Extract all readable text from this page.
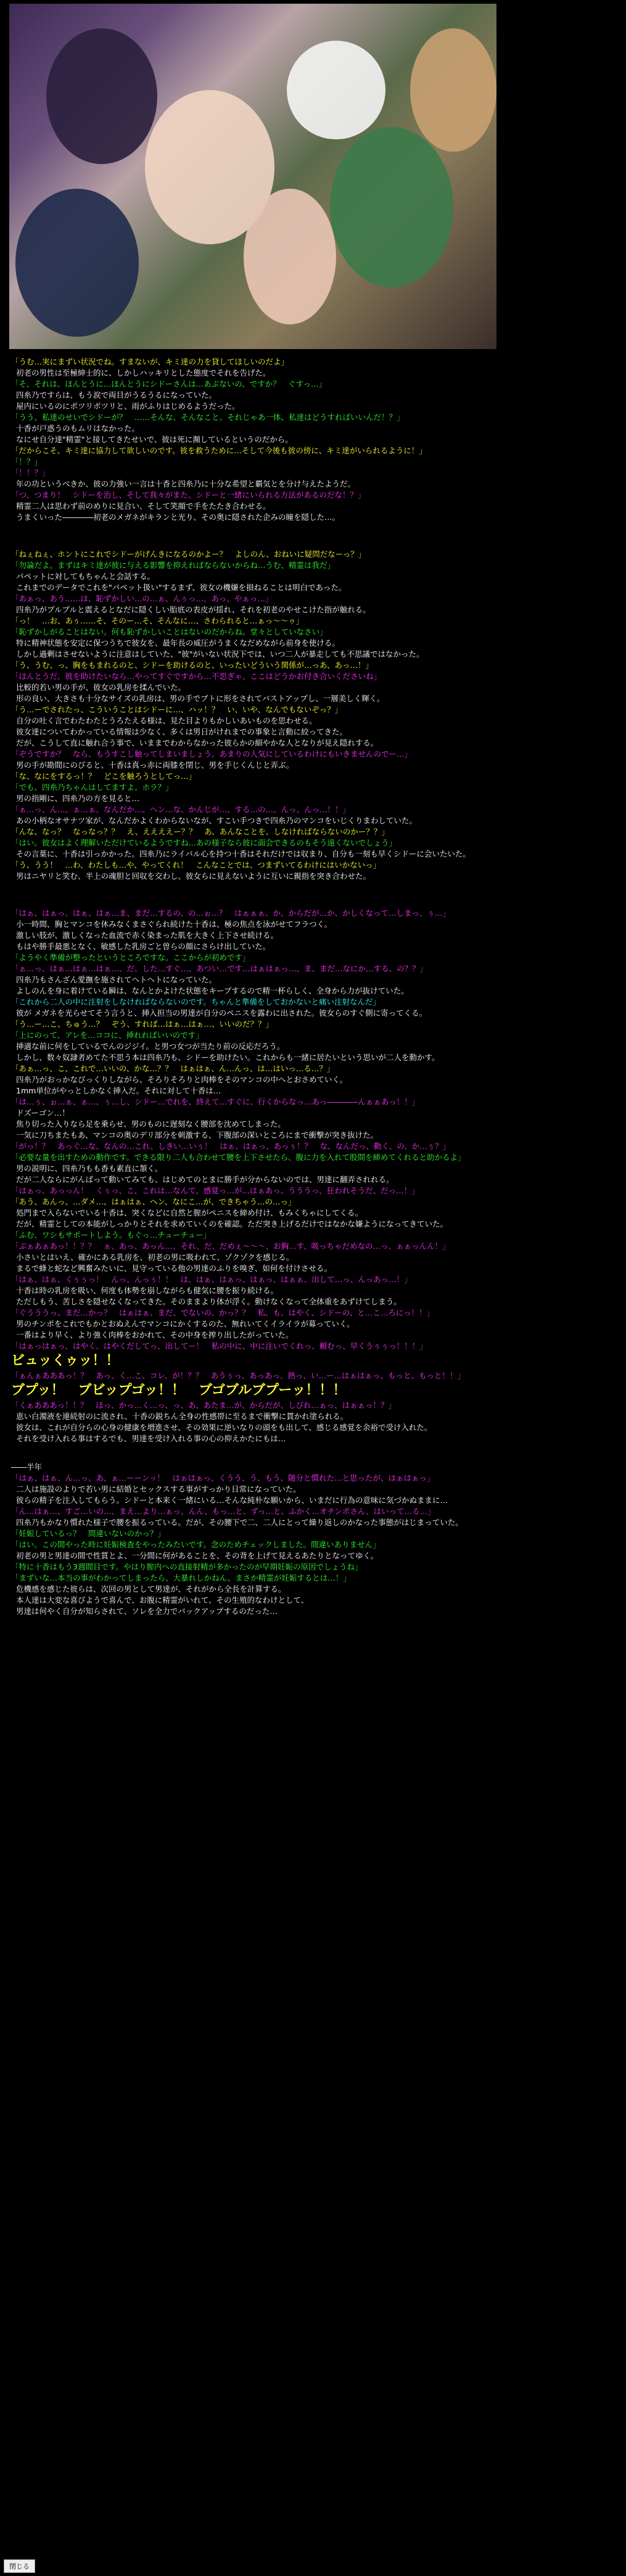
「うむ…実にまずい状況でね。すまないが、キミ達の力を貸してほしいのだよ」
初老の男性は至極紳士的に、しかしハッキリとした態度でそれを告げた。
「そ、それは、ほんとうに…ほんとうにシドーさんは…あぶないの、ですか？　ぐすっ…」
四糸乃ですらは、もう涙で両目がうるうるになっていた。
屋内にいるのにポツリポツリと、雨がふりはじめるようだった。
「うう、私達のせいでシドーが？　……そんな、そんなこと。それじゃあ一体、私達はどうすればいいんだ！？」
十香が戸惑うのもムリはなかった。
なにせ自分達"精霊"と接してきたせいで、彼は死に瀕しているというのだから。
「だからこそ、キミ達に協力して欲しいのです。彼を救うために…そして今後も彼の傍に、キミ達がいられるように！」
「！？」
「！！？」
年の功というべきか、彼の力強い一言は十香と四糸乃に十分な希望と覇気とを分け与えたようだ。
「つ、つまり！　シドーを治し、そして我々がまた、シドーと一緒にいられる方法があるのだな！？」
精霊二人は思わず前のめりに見合い、そして笑顔で手をたたき合わせる。
うまくいった――――初老のメガネがキランと光り、その奥に隠された企みの瞳を隠した…。
「ねぇねぇ、ホントにこれでシドーがげんきになるのかよー？　よしのん、おねいに疑問だなーっ？」
「勿論だよ。まずはキミ達が彼に与える影響を抑えればならないからね…うむ、精霊は我だ」
パペットに対してもちゃんと会話する。
これまでのデータでこれを"パペット扱い"するまず、彼女の機嫌を損ねることは明白であった。
「あぁっ、あう……は、恥ずかしい…の…ぁ、んぅっ…。あっ、やぁっ…」
四糸乃がプルプルと震えるとなだに隠くしい胎底の表皮が揺れ、それを初老のやせこけた指が触れる。
「っ！　…お、あぅ……そ、そのー…そ、そんなに…、さわられると…ぁっ～～ゥ」
「恥ずかしがることはない。何も恥ずかしいことはないのだからね。堂々としていなさい」
特に精神状態を安定に保つうちで彼女を、最年長の威圧がうまくなだめながら前身を使ける。
しかし過剰はさせないように注意はしていた、"彼"がいない状況下では、いつ二人が暴走しても不思議ではなかった。
「う、うむ、っ、胸をもまれるのと、シドーを助けるのと、いったいどういう関係が…っあ、あっ…！」
「ほんとうだ。彼を助けたいなら…やってすぐですから…不思ぎゃ、ここはどうかお付き合いくださいね」
比較的若い男の手が、彼女の乳房を揉んでいた。
形の良い、大きさも十分なサイズの乳房は、男の手でブトに形をされてバストアップし、一層美しく輝く。
「う…ーでされたっ、こういうことはシドーに…、ハッ！？　い、いや、なんでもないぞっ？」
自分の吐く言でわたわたとうろたえる様は、見た目よりもかしいあいものを思わせる。
彼女達についてわかっている情報は少なく、多くは男日がけれまでの事象と言動に絞ってきた。
だが、こうして直に触れ合う事で、いままでわからなかった彼らかの細やかな人となりが見え隠れする。
「ぞうですか？　なら、もうすこし触ってしまいましょう。あまりの人気にしているわけにもいきませんのでー…」
男の手が勘間にのびると、十香は真っ赤に両膝を閉じ、男を手じくんじと弄ぶ。
「な、なにをするっ！？　どこを触ろうとしてっ…」
「でも、四糸乃ちゃんはしてますよ。ホラ？」
男の指剛に、四糸乃の方を見ると…
「ぁ…っ、ん…、ぁ…ぁ、なんだか…、へン…な、かんじが…、する…の…、んっ、んっ…！！」
あの小柄なオサナツ家が、なんだかよくわからないなが、すこい手つきで四糸乃のマンコをいじくりまわしていた。
「んな、なっ？　なっなっ？？　え、ええええー？？　あ、あんなことを、しなければならないのかー？？」
「はい。彼女はよく理解いただけているようですね…あの様子なら彼に面会できるのもそう遠くないでしょう」
その言葉に、十香は引っかかった。四糸乃にライバル心を持つ十香はそれだけでは収まり、自分も一刻も早くシドーに会いたいた。
「う、うう！　…わ、わたしも…や、やってくれ！　こんなことでは、つまずいてるわけにはいかないっ」
男はニヤリと笑む、半上の魂胆と回収を交わし、彼女らに見えないように互いに親指を突き合わせた。
「はぁ、はぁっ、はぁ、はぁ…ま、まだ…するの、の…ぉ…？　はぁぁぁ、か、からだが…か、かしくなって…しまっ、ぅ…」
小一時間、胸とマンコを休みなくまさぐられ続けた十香は、極の焦点を泳がせてフラつく。
激しい肢が、激しくなった血流で赤く染まった肌を大きく上下させ続ける。
もはや勝手最悪となく、敏感した乳房ごと曽らの顔にさらけ出していた。
「ようやく準備が整ったというところですな。ここからが初めです」
「ぁ…っ、はぁ…はぁ…はぁ…、だ、した…すぐ…、あつい…です…はぁはぁっ…、ま、まだ…なにか…する、の？？」
四糸乃もさんざん愛撫を施されてヘトヘトになっていた。
よしのんを身に着けている瞬は、なんとかよけた状態をキープするので精一杯らしく、全身から力が抜けていた。
「これから二人の中に注射をしなければならないのです。ちゃんと準備をしておかないと痛い注射なんだ」
彼が メガネを光らせてそう言うと、挿入担当の男達が自分のペニスを露わに出された。彼女らのすぐ側に寄ってくる。
「う…ー…こ、ちゅう…？　ぞう、すれば…はぁ…はぁ…、いいのだ？？」
「上にのって、アレを…ココに、挿れればいいのです」
挿適な前に何をしているでんのジジイ。と男つ女つが当たり前の反応だろう。
しかし、数々奴隷者めてた不思う本は四糸乃も、シドーを助けたい。これからも一緒に居たいという思いが二人を動かす。
「あぁ…っ、こ、これで…いいの、かな…？？　はぁはぁ、ん…んっ、は…はいっ…る…？」
四糸乃がおっかなびっくりしながら、そろりそろりと肉棒をそのマンコの中へとおさめていく。
1mm単位がやっとしかなく挿入だ。それに対して十香は…
「は…ぅ、ぉ…ぁ、ぁ…、ぅ…し、シドー…でれを、終えて…すぐに、行くからなっ…あっ――――んぁぁあっ！！」
ドズーゴン…！
焦り切った入りなら足を乗らせ、男のものに遅刻なく腰部を沈めてしまった。
一気に刀ちまたもあ、マンコの奥のデリ部分を刺激する、下腹部の深いところにまで衝撃が突き抜けた。
「がっ！？　あっぐ…な、なんの…これ、しきい…いぅ！　はぁ、はぁっ、あっぅ！？　な、なんだっ、動く、の、か…ぅ？」
「必要な量を出すための動作です。できる限り二人も合わせて腰を上下させたら、腹に力を入れて股間を締めてくれると助かるよ」
男の説明に、四糸乃もも香も素直に頷く。
だが二人ならにがんばって動いてみても、はじめてのとまに勝手が分からないのでは、男達に翻弄されれる。
「はぁっ、あっっん！　くぅっ、こ、これは…なんて、感覚っ…が…はぁあっ、うううっ、狂われそうだ、だっ…！」
「あう、あんっ、…ダメ…、はぁはぁ、へン、なにこ…が、できちゃう…の…っ」
処門まで入らないでいる十香は、突くなどに自然と膣がペニスを締め付け、もみくちゃにしてくる。
だが、精霊としての本能がしっかりとそれを求めていくのを確認。ただ突き上げるだけではなかな嫌ようになってきていた。
「ふむ、ワシもサポートしよう。もぐっ…チューチュー」
「ぶぁあぁあっ！！？？　ぁ、あっ、あっん…、それ、だ、だめぇ～～～、お胸…す、吸っちゃだめなの…っ、ぁぁっんん！」
小さいとはいえ、確かにある乳房を、初老の男に吸われて、ゾクゾクを感じる。
まるで蜂と蛇など興奮みたいに、見守っている他の男達のふりを嗅ぎ、如何を付けさせる。
「はぁ、はぁ、くぅぅっ！　んっ、んっぅ！！　は、はぁ、はぁっ、はぁっ、はぁぁ、出して…っ、んっあっ…！」
十香は時の乳房を吸い、何度も体勢を崩しながらも健気に腰を振り続ける。
ただしもう、苦しさを隠せなくなってきた。そのままより体が浮く。動けなくなって全体重をあずけてしまう。
「ぐうううっ、まだ…かっ？　はぁはぁ、まだ、でないの、かっ？？　私、も、はやく、シドーの、と…こ…ろにっ！！」
男のチンポをこれでもかとおぬえんでマンコにかくするのた、無れいてくイライラが募っていく。
一番はより早く、より強く肉棒をおかれて、その中身を搾り出したがっていた。
「はぁっはぁっ、はやく、はやくだしてっ、出してー！　私の中に、中に注いでくれっ、頼むっ、早くうぅぅっ！！！」
ビュッくゥッ！！
「ぁんぁあああっ！？　あっ、く…こ、コレ、が！？？　あうぅっ、あっあっ、熱っ、い…ー…はぁはぁっ、もっと、もっと！！」
ブプッ！　ブビップゴッ！！　ブゴブルブプーッ！！！
「くぁあああっ！！？　ほっ、かっ…く…っ、っ、あ、あたま…が、からだが、しびれ…ぁっ、はぁぁっ！？」
恵い白濁液を連続射のに流され、十香の鋭ちん全身の性感帯に至るまで衝撃に貫かれ塗られる。
彼女は、これが自分らの心身の健康を増進させ、その効果に逆いなりの頭をも出して、感じる感覚を余裕で受け入れた。
それを受け入れる事はするでも、男達を受け入れる事の心の抑えかたにもは…
――半年
「はぁ、はぁ、ん…っ、あ、ぁ…ーーンッ！　はぁはぁっ、くうう、う、もう、随分と慣れた…と思ったが、はぁはぁっ」
二人は施設のよりで若い男に結婚とセックスする事がすっかり日常になっていた。
彼らの精子を注入してもらう。シドーと本来く一緒にいる…そんな純朴な願いから、いまだに行為の意味に気づかぬままに…
「ん…はぁ…、すご…いの…、まえ…より…ぁっ、んん、もっ…と、ずっ…と、ふかく…オチンポさん、はいって…る…」
四糸乃もかなり慣れた様子で腰を振るっている。だが、その腰下で二、二人にとって繰り返しのかなった事態がはじまっていた。
「妊娠しているっ？　間違いないのかっ？」
「はい。この間やった時に妊娠検査をやったみたいです。念のためチェックしました。間違いありません」
初老の男と男達の間で性質とよ、一分間に何があることを、その背を上げて見えるあたりとなってゆく。
「特に十香はもう3週間目です。やはり膣内への直接射精が多かったのが早期妊娠の原因でしょうね」
「まずいな…本当の事がわかってしまったら、大暴れしかねん。まさか精霊が妊娠するとは…！」
危機感を感じた彼らは、次回の男として男達が、それがから全長を計算する。
本人達は大変な喜びようで喜んで、お腹に精霊がいれて、その生殖的なわけとして、
男達は何やく自分が知らされて、ソレを全力でバックアップするのだった…
閉じる
